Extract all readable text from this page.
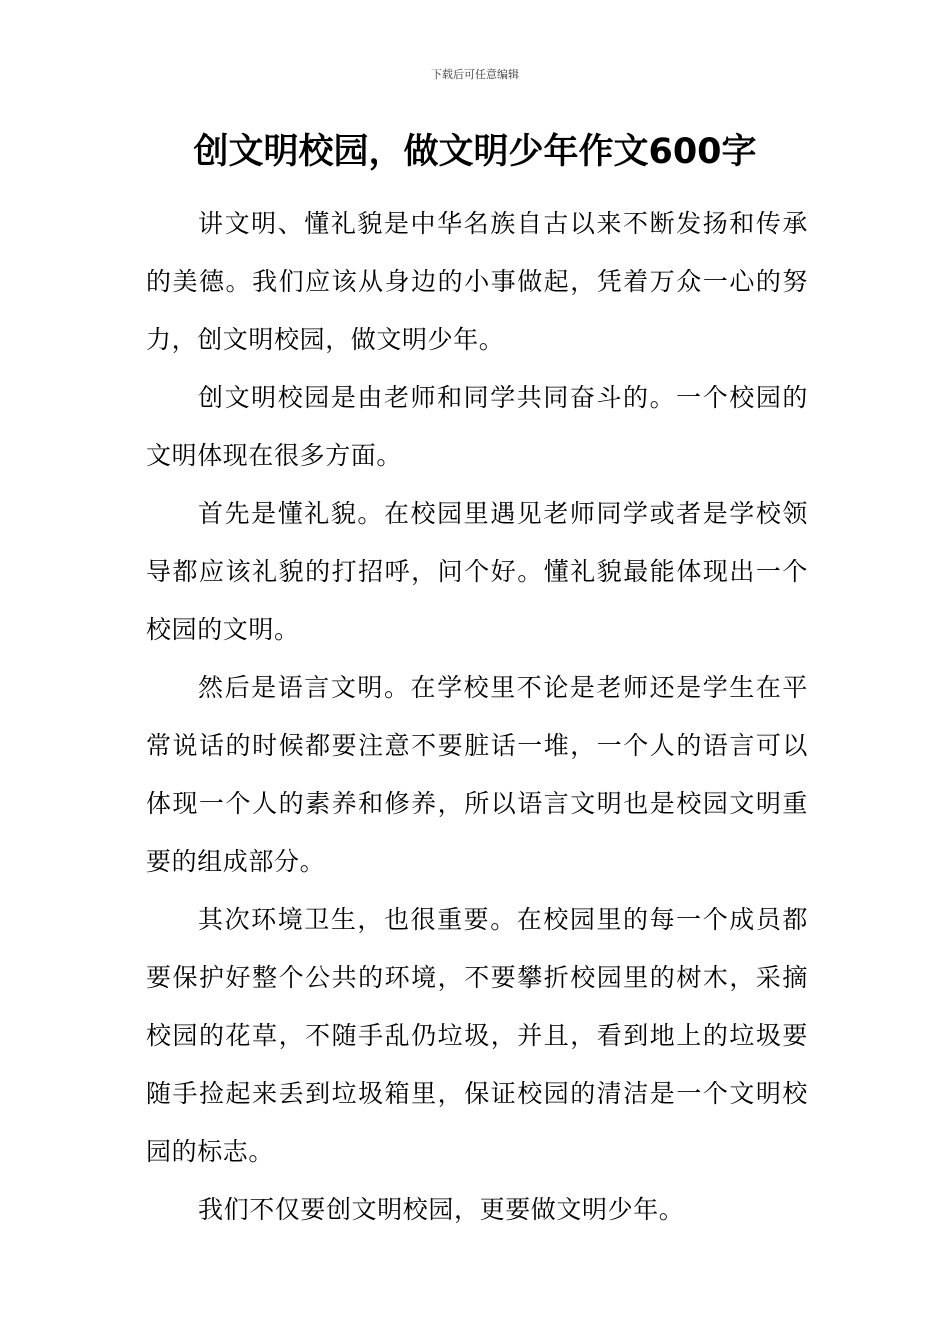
下载后可任意编辑
创文明校园，做文明少年作文600字

讲文明、懂礼貌是中华名族自古以来不断发扬和传承的美德。我们应该从身边的小事做起，凭着万众一心的努力，创文明校园，做文明少年。

创文明校园是由老师和同学共同奋斗的。一个校园的文明体现在很多方面。

首先是懂礼貌。在校园里遇见老师同学或者是学校领导都应该礼貌的打招呼，问个好。懂礼貌最能体现出一个校园的文明。

然后是语言文明。在学校里不论是老师还是学生在平常说话的时候都要注意不要脏话一堆，一个人的语言可以体现一个人的素养和修养，所以语言文明也是校园文明重要的组成部分。

其次环境卫生，也很重要。在校园里的每一个成员都要保护好整个公共的环境，不要攀折校园里的树木，采摘校园的花草，不随手乱仍垃圾，并且，看到地上的垃圾要随手捡起来丢到垃圾箱里，保证校园的清洁是一个文明校园的标志。

我们不仅要创文明校园，更要做文明少年。
